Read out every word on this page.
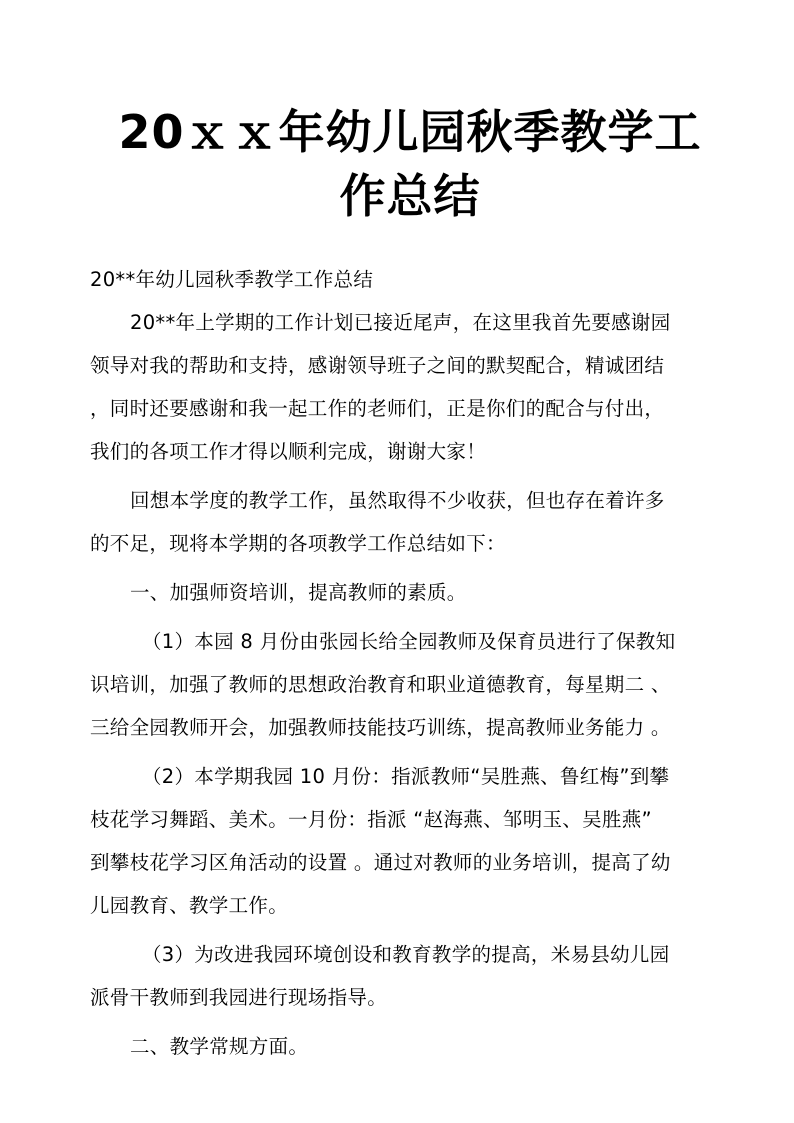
20ｘｘ年幼儿园秋季教学工
作总结
20**年幼儿园秋季教学工作总结
20**年上学期的工作计划已接近尾声，在这里我首先要感谢园
领导对我的帮助和支持，感谢领导班子之间的默契配合，精诚团结
，同时还要感谢和我一起工作的老师们，正是你们的配合与付出，
我们的各项工作才得以顺利完成，谢谢大家！
回想本学度的教学工作，虽然取得不少收获，但也存在着许多
的不足，现将本学期的各项教学工作总结如下：
一、加强师资培训，提高教师的素质。
（1）本园 8 月份由张园长给全园教师及保育员进行了保教知
识培训，加强了教师的思想政治教育和职业道德教育，每星期二 、
三给全园教师开会，加强教师技能技巧训练，提高教师业务能力 。
（2）本学期我园 10 月份：指派教师“吴胜燕、鲁红梅”到攀
枝花学习舞蹈、美术。一月份：指派 “赵海燕、邹明玉、吴胜燕”
到攀枝花学习区角活动的设置 。通过对教师的业务培训，提高了幼
儿园教育、教学工作。
（3）为改进我园环境创设和教育教学的提高，米易县幼儿园
派骨干教师到我园进行现场指导。
二、教学常规方面。
